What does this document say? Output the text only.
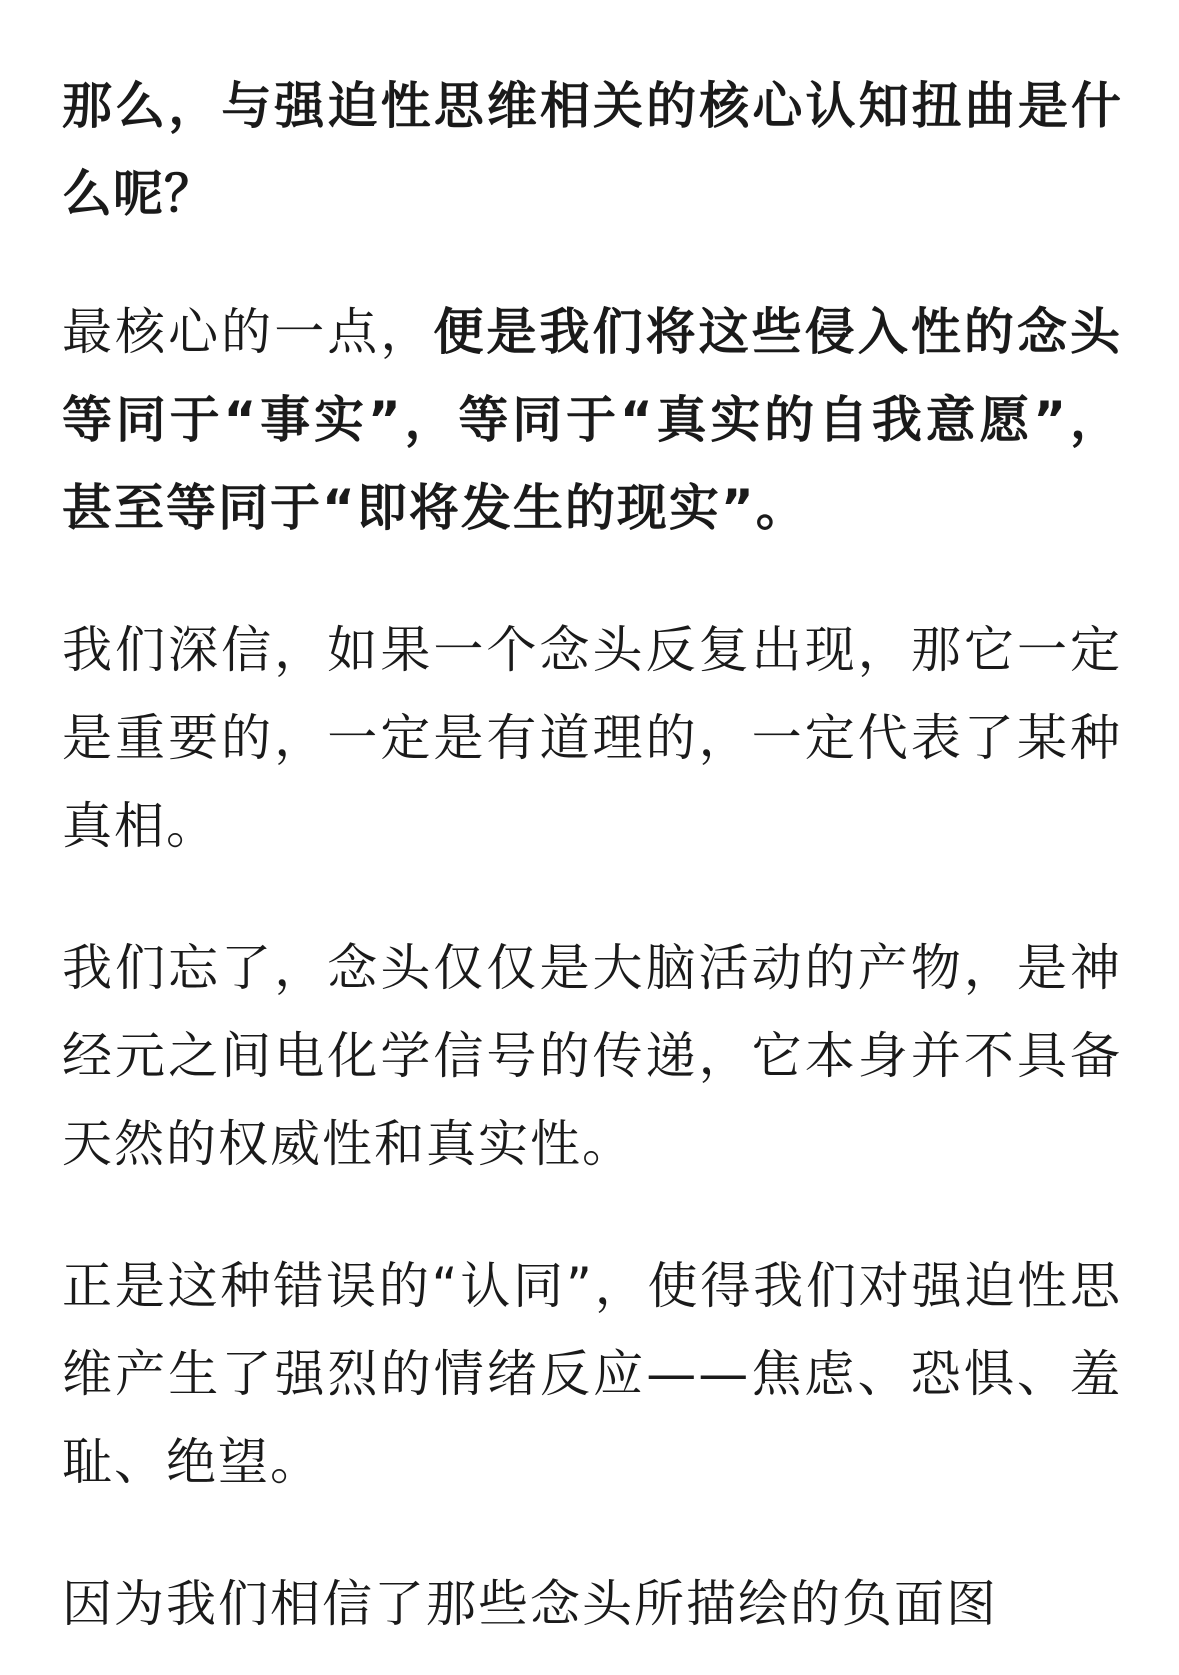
那么，与强迫性思维相关的核心认知扭曲是什么呢？

最核心的一点，便是我们将这些侵入性的念头等同于“事实”，等同于“真实的自我意愿”，甚至等同于“即将发生的现实”。

我们深信，如果一个念头反复出现，那它一定是重要的，一定是有道理的，一定代表了某种真相。

我们忘了，念头仅仅是大脑活动的产物，是神经元之间电化学信号的传递，它本身并不具备天然的权威性和真实性。

正是这种错误的“认同”，使得我们对强迫性思维产生了强烈的情绪反应——焦虑、恐惧、羞耻、绝望。

因为我们相信了那些念头所描绘的负面图
